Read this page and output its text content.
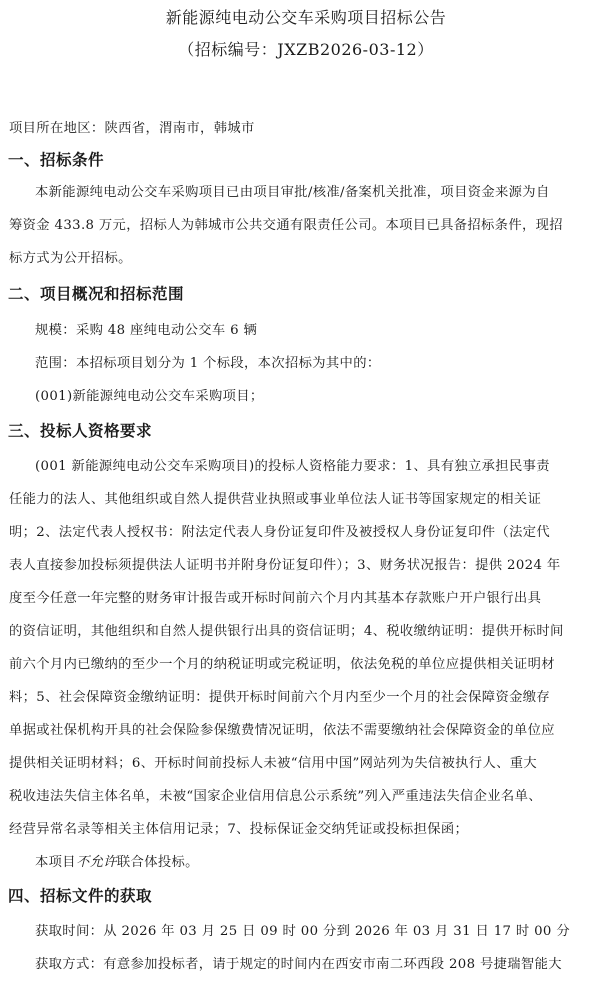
新能源纯电动公交车采购项目招标公告
（招标编号：JXZB2026-03-12）
项目所在地区：陕西省，渭南市，韩城市
一、招标条件
本新能源纯电动公交车采购项目已由项目审批/核准/备案机关批准，项目资金来源为自
筹资金 433.8 万元，招标人为韩城市公共交通有限责任公司。本项目已具备招标条件，现招
标方式为公开招标。
二、项目概况和招标范围
规模：采购 48 座纯电动公交车 6 辆
范围：本招标项目划分为 1 个标段，本次招标为其中的：
(001)新能源纯电动公交车采购项目；
三、投标人资格要求
(001 新能源纯电动公交车采购项目)的投标人资格能力要求：1、具有独立承担民事责
任能力的法人、其他组织或自然人提供营业执照或事业单位法人证书等国家规定的相关证
明；2、法定代表人授权书：附法定代表人身份证复印件及被授权人身份证复印件（法定代
表人直接参加投标须提供法人证明书并附身份证复印件）；3、财务状况报告：提供 2024 年
度至今任意一年完整的财务审计报告或开标时间前六个月内其基本存款账户开户银行出具
的资信证明，其他组织和自然人提供银行出具的资信证明；4、税收缴纳证明：提供开标时间
前六个月内已缴纳的至少一个月的纳税证明或完税证明，依法免税的单位应提供相关证明材
料；5、社会保障资金缴纳证明：提供开标时间前六个月内至少一个月的社会保障资金缴存
单据或社保机构开具的社会保险参保缴费情况证明，依法不需要缴纳社会保障资金的单位应
提供相关证明材料；6、开标时间前投标人未被“信用中国”网站列为失信被执行人、重大
税收违法失信主体名单，未被“国家企业信用信息公示系统”列入严重违法失信企业名单、
经营异常名录等相关主体信用记录；7、投标保证金交纳凭证或投标担保函；
本项目不允许联合体投标。
四、招标文件的获取
获取时间：从 2026 年 03 月 25 日 09 时 00 分到 2026 年 03 月 31 日 17 时 00 分
获取方式：有意参加投标者，请于规定的时间内在西安市南二环西段 208 号捷瑞智能大
